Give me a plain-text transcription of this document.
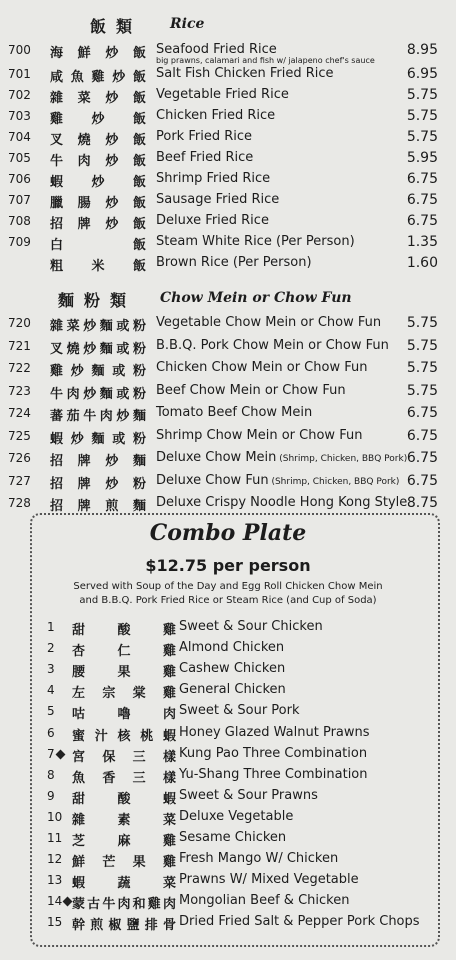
飯類 Rice
700 海 鮮 炒 飯 Seafood Fried Rice	8.95
big prawns, calamari and fish w/ jalapeno chef's sauce
701 咸 魚 雞 炒 飯 Salt Fish Chicken Fried Rice	6.95
702 雜 菜 炒 飯 Vegetable Fried Rice	5.75
703 雞 炒 飯 Chicken Fried Rice	5.75
704 叉 燒 炒 飯 Pork Fried Rice	5.75
705 牛 肉 炒 飯 Beef Fried Rice	5.95
706 蝦 炒 飯 Shrimp Fried Rice	6.75
707 臘 腸 炒 飯 Sausage Fried Rice	6.75
708 招 牌 炒 飯 Deluxe Fried Rice	6.75
709 白	飯 Steam White Rice (Per Person)	1.35
粗 米 飯 Brown Rice (Per Person)	1.60
麵粉類 Chow Mein or Chow Fun
720 雜 菜 炒 麵 或 粉 Vegetable Chow Mein or Chow Fun 5.75
721 叉 燒 炒 麵 或 粉 B.B.Q. Pork Chow Mein or Chow Fun 5.75
722 雞 炒 麵 或 粉 Chicken Chow Mein or Chow Fun	5.75
723 牛 肉 炒 麵 或 粉 Beef Chow Mein or Chow Fun	5.75
724 蕃 茄 牛 肉 炒 麵 Tomato Beef Chow Mein	6.75
725 蝦 炒 麵 或 粉 Shrimp Chow Mein or Chow Fun	6.75
726 招 牌 炒 麵 Deluxe Chow Mein (Shrimp, Chicken, BBQ Pork) 6.75
727 招 牌 炒 粉 Deluxe Chow Fun (Shrimp, Chicken, BBQ Pork) 6.75
728 招 牌 煎 麵 Deluxe Crispy Noodle Hong Kong Style 8.75
Combo Plate
$12.75 per person
Served with Soup of the Day and Egg Roll Chicken Chow Mein
and B.B.Q. Pork Fried Rice or Steam Rice (and Cup of Soda)
1 甜 酸 雞 Sweet & Sour Chicken
2 杏 仁 雞 Almond Chicken
3 腰 果 雞 Cashew Chicken
4 左 宗 棠 雞 General Chicken
5 咕 嚕 肉 Sweet & Sour Pork
6 蜜 汁 核 桃 蝦 Honey Glazed Walnut Prawns
7	宮 保 三 樣 Kung Pao Three Combination
8 魚 香 三 樣 Yu-Shang Three Combination
9 甜 酸 蝦 Sweet & Sour Prawns
10 雜 素 菜 Deluxe Vegetable
11 芝 麻 雞 Sesame Chicken
12 鮮 芒 果 雞 Fresh Mango W/ Chicken
13 蝦 蔬 菜 Prawns W/ Mixed Vegetable
14 蒙 古 牛 肉 和 雞 肉 Mongolian Beef & Chicken
15 幹 煎 椒 鹽 排 骨 Dried Fried Salt & Pepper Pork Chops
